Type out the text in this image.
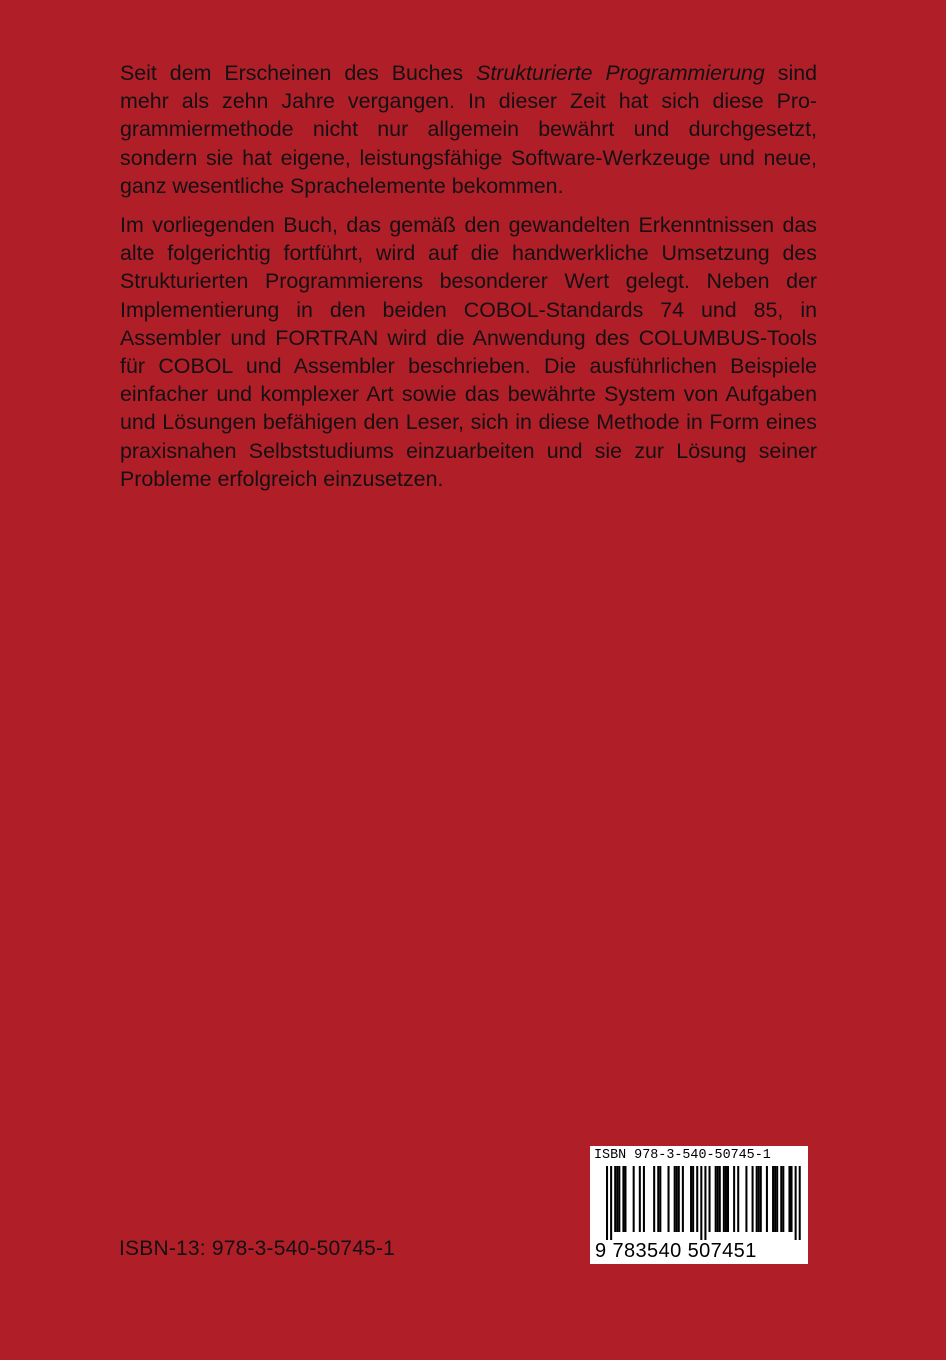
Seit dem Erscheinen des Buches Strukturierte Programmierung sind mehr als zehn Jahre vergangen. In dieser Zeit hat sich diese Programmiermethode nicht nur allgemein bewährt und durchgesetzt, sondern sie hat eigene, leistungsfähige Software-Werkzeuge und neue, ganz wesentliche Sprachelemente bekommen.

Im vorliegenden Buch, das gemäß den gewandelten Erkenntnissen das alte folgerichtig fortführt, wird auf die handwerkliche Umsetzung des Strukturierten Programmierens besonderer Wert gelegt. Neben der Implementierung in den beiden COBOL-Standards 74 und 85, in Assembler und FORTRAN wird die Anwendung des COLUMBUS-Tools für COBOL und Assembler beschrieben. Die ausführlichen Beispiele einfacher und komplexer Art sowie das bewährte System von Aufgaben und Lösungen befähigen den Leser, sich in diese Methode in Form eines praxisnahen Selbststudiums einzuarbeiten und sie zur Lösung seiner Probleme erfolgreich einzusetzen.

ISBN-13: 978-3-540-50745-1
ISBN 978-3-540-50745-1
9 783540 507451
